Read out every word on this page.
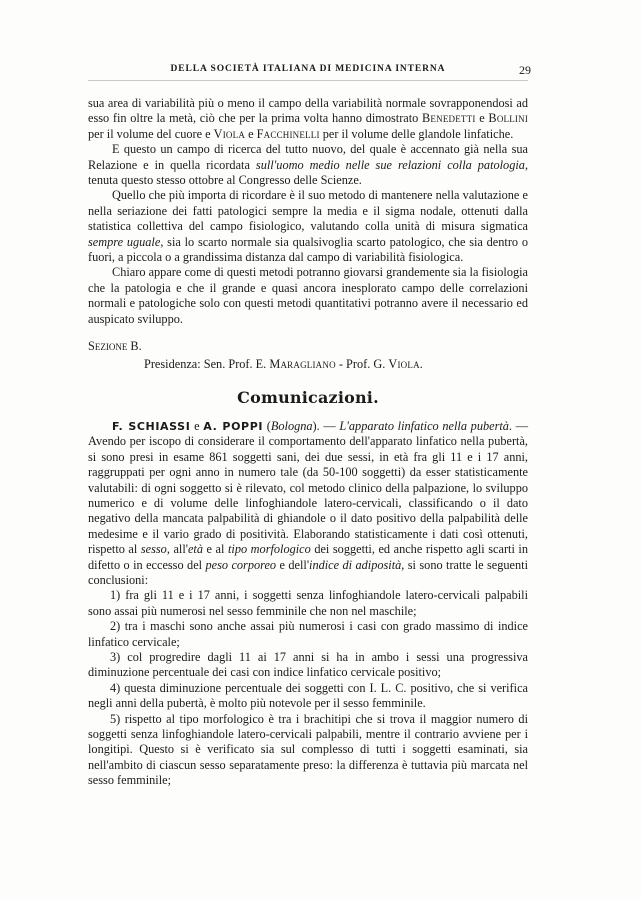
DELLA SOCIETÀ ITALIANA DI MEDICINA INTERNA	29

sua area di variabilità più o meno il campo della variabilità normale sovrapponendosi ad esso fin oltre la metà, ciò che per la prima volta hanno dimostrato Benedetti e Bollini per il volume del cuore e Viola e Facchinelli per il volume delle glandole linfatiche.

E questo un campo di ricerca del tutto nuovo, del quale è accennato già nella sua Relazione e in quella ricordata sull'uomo medio nelle sue relazioni colla patologia, tenuta questo stesso ottobre al Congresso delle Scienze.

Quello che più importa di ricordare è il suo metodo di mantenere nella valutazione e nella seriazione dei fatti patologici sempre la media e il sigma nodale, ottenuti dalla statistica collettiva del campo fisiologico, valutando colla unità di misura sigmatica sempre uguale, sia lo scarto normale sia qualsivoglia scarto patologico, che sia dentro o fuori, a piccola o a grandissima distanza dal campo di variabilità fisiologica.

Chiaro appare come di questi metodi potranno giovarsi grandemente sia la fisiologia che la patologia e che il grande e quasi ancora inesplorato campo delle correlazioni normali e patologiche solo con questi metodi quantitativi potranno avere il necessario ed auspicato sviluppo.

Sezione B.

Presidenza: Sen. Prof. E. Maragliano - Prof. G. Viola.

Comunicazioni.

F. SCHIASSI e A. POPPI (Bologna). — L'apparato linfatico nella pubertà. — Avendo per iscopo di considerare il comportamento dell'apparato linfatico nella pubertà, si sono presi in esame 861 soggetti sani, dei due sessi, in età fra gli 11 e i 17 anni, raggruppati per ogni anno in numero tale (da 50-100 soggetti) da esser statisticamente valutabili: di ogni soggetto si è rilevato, col metodo clinico della palpazione, lo sviluppo numerico e di volume delle linfoghiandole latero-cervicali, classificando o il dato negativo della mancata palpabilità di ghiandole o il dato positivo della palpabilità delle medesime e il vario grado di positività. Elaborando statisticamente i dati così ottenuti, rispetto al sesso, all'età e al tipo morfologico dei soggetti, ed anche rispetto agli scarti in difetto o in eccesso del peso corporeo e dell'indice di adiposità, si sono tratte le seguenti conclusioni:

1) fra gli 11 e i 17 anni, i soggetti senza linfoghiandole latero-cervicali palpabili sono assai più numerosi nel sesso femminile che non nel maschile;

2) tra i maschi sono anche assai più numerosi i casi con grado massimo di indice linfatico cervicale;

3) col progredire dagli 11 ai 17 anni si ha in ambo i sessi una progressiva diminuzione percentuale dei casi con indice linfatico cervicale positivo;

4) questa diminuzione percentuale dei soggetti con I. L. C. positivo, che si verifica negli anni della pubertà, è molto più notevole per il sesso femminile.

5) rispetto al tipo morfologico è tra i brachitipi che si trova il maggior numero di soggetti senza linfoghiandole latero-cervicali palpabili, mentre il contrario avviene per i longitipi. Questo si è verificato sia sul complesso di tutti i soggetti esaminati, sia nell'ambito di ciascun sesso separatamente preso: la differenza è tuttavia più marcata nel sesso femminile;
